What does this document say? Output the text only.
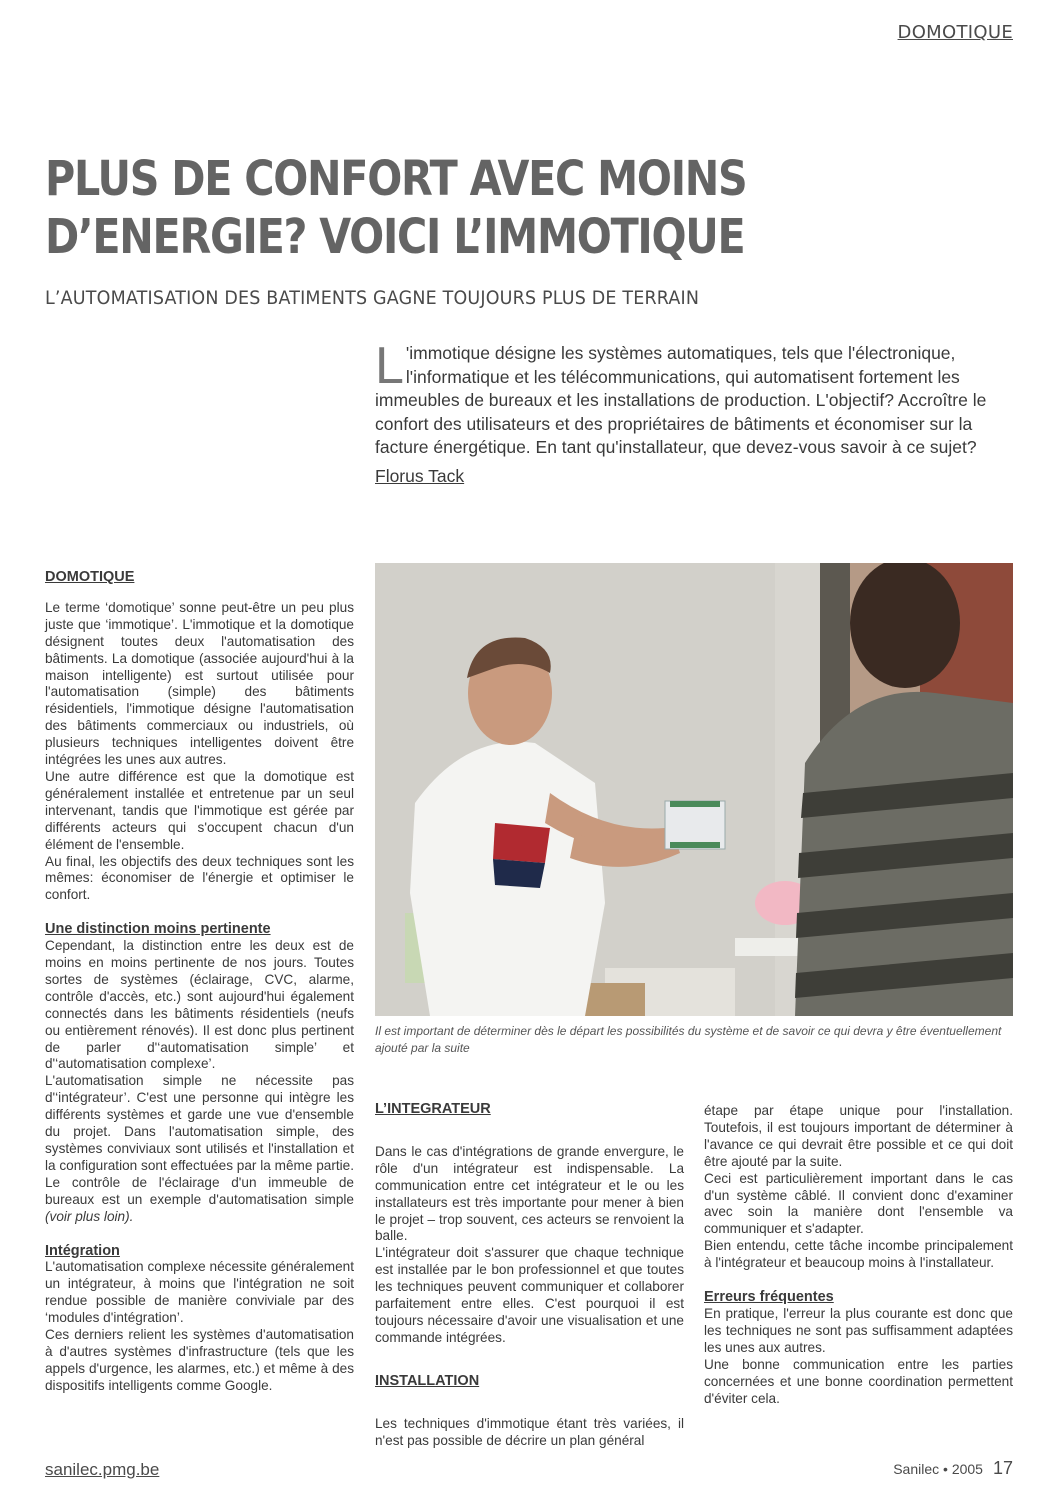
DOMOTIQUE
PLUS DE CONFORT AVEC MOINS
D’ENERGIE? VOICI L’IMMOTIQUE
L’AUTOMATISATION DES BATIMENTS GAGNE TOUJOURS PLUS DE TERRAIN

L 'immotique désigne les systèmes automatiques, tels que l'électronique, l'informatique et les télécommunications, qui automatisent fortement les immeubles de bureaux et les installations de production. L'objectif? Accroître le confort des utilisateurs et des propriétaires de bâtiments et économiser sur la facture énergétique. En tant qu'installateur, que devez-vous savoir à ce sujet?

Florus Tack
DOMOTIQUE

Le terme ‘domotique’ sonne peut-être un peu plus juste que ‘immotique’. L'immotique et la domotique désignent toutes deux l'automatisation des bâtiments. La domotique (associée aujourd'hui à la maison intelligente) est surtout utilisée pour l'automatisation (simple) des bâtiments résidentiels, l'immotique désigne l'automatisation des bâtiments commerciaux ou industriels, où plusieurs techniques intelligentes doivent être intégrées les unes aux autres.

Une autre différence est que la domotique est généralement installée et entretenue par un seul intervenant, tandis que l'immotique est gérée par différents acteurs qui s'occupent chacun d'un élément de l'ensemble.

Au final, les objectifs des deux techniques sont les mêmes: économiser de l'énergie et optimiser le confort.

Une distinction moins pertinente

Cependant, la distinction entre les deux est de moins en moins pertinente de nos jours. Toutes sortes de systèmes (éclairage, CVC, alarme, contrôle d'accès, etc.) sont aujourd'hui également connectés dans les bâtiments résidentiels (neufs ou entièrement rénovés). Il est donc plus pertinent de parler d'‘automatisation simple’ et d'‘automatisation complexe’.

L'automatisation simple ne nécessite pas d'‘intégrateur’. C'est une personne qui intègre les différents systèmes et garde une vue d'ensemble du projet. Dans l'automatisation simple, des systèmes conviviaux sont utilisés et l'installation et la configuration sont effectuées par la même partie. Le contrôle de l'éclairage d'un immeuble de bureaux est un exemple d'automatisation simple (voir plus loin).

Intégration

L'automatisation complexe nécessite généralement un intégrateur, à moins que l'intégration ne soit rendue possible de manière conviviale par des ‘modules d'intégration’.

Ces derniers relient les systèmes d'automatisation à d'autres systèmes d'infrastructure (tels que les appels d'urgence, les alarmes, etc.) et même à des dispositifs intelligents comme Google.

Il est important de déterminer dès le départ les possibilités du système et de savoir ce qui devra y être éventuellement ajouté par la suite
L’INTEGRATEUR

Dans le cas d'intégrations de grande envergure, le rôle d'un intégrateur est indispensable. La communication entre cet intégrateur et le ou les installateurs est très importante pour mener à bien le projet – trop souvent, ces acteurs se renvoient la balle.

L'intégrateur doit s'assurer que chaque technique est installée par le bon professionnel et que toutes les techniques peuvent communiquer et collaborer parfaitement entre elles. C'est pourquoi il est toujours nécessaire d'avoir une visualisation et une commande intégrées.

INSTALLATION

Les techniques d'immotique étant très variées, il n'est pas possible de décrire un plan général

étape par étape unique pour l'installation. Toutefois, il est toujours important de déterminer à l'avance ce qui devrait être possible et ce qui doit être ajouté par la suite.

Ceci est particulièrement important dans le cas d'un système câblé. Il convient donc d'examiner avec soin la manière dont l'ensemble va communiquer et s'adapter.

Bien entendu, cette tâche incombe principalement à l'intégrateur et beaucoup moins à l'installateur.

Erreurs fréquentes

En pratique, l'erreur la plus courante est donc que les techniques ne sont pas suffisamment adaptées les unes aux autres.

Une bonne communication entre les parties concernées et une bonne coordination permettent d'éviter cela.

sanilec.pmg.be	Sanilec • 2005 17
